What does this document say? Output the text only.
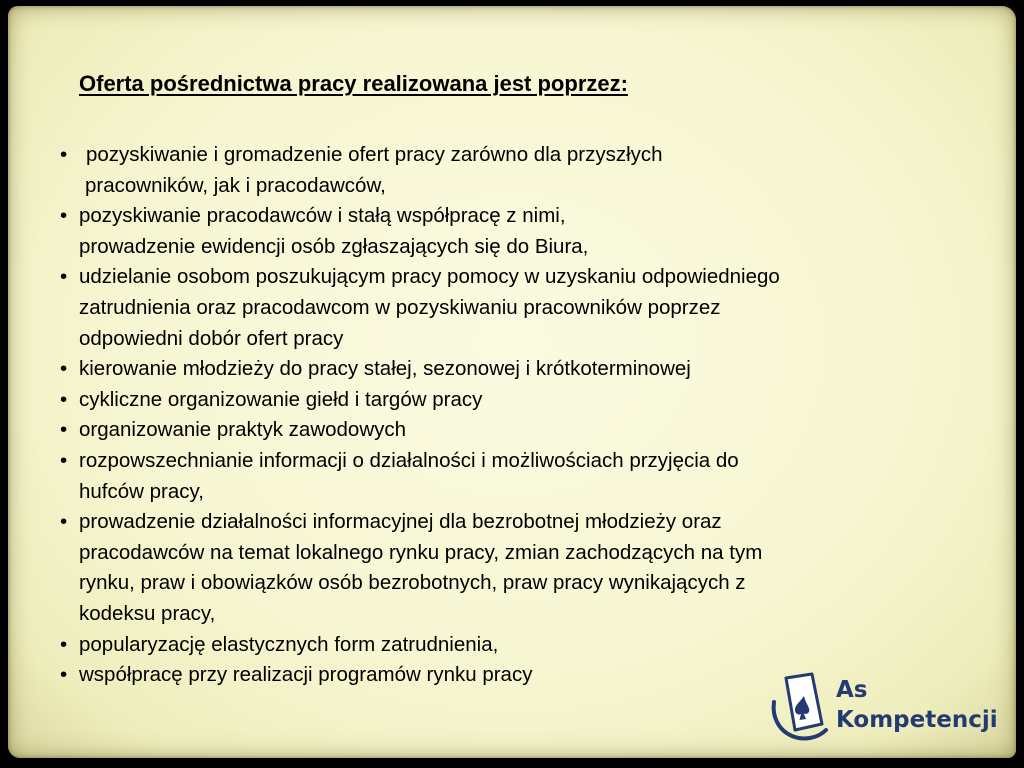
Oferta pośrednictwa pracy realizowana jest poprzez:
• pozyskiwanie i gromadzenie ofert pracy zarówno dla przyszłych
pracowników, jak i pracodawców,
• pozyskiwanie pracodawców i stałą współpracę z nimi,
prowadzenie ewidencji osób zgłaszających się do Biura,
• udzielanie osobom poszukującym pracy pomocy w uzyskaniu odpowiedniego
zatrudnienia oraz pracodawcom w pozyskiwaniu pracowników poprzez
odpowiedni dobór ofert pracy
• kierowanie młodzieży do pracy stałej, sezonowej i krótkoterminowej
• cykliczne organizowanie giełd i targów pracy
• organizowanie praktyk zawodowych
• rozpowszechnianie informacji o działalności i możliwościach przyjęcia do
hufców pracy,
• prowadzenie działalności informacyjnej dla bezrobotnej młodzieży oraz
pracodawców na temat lokalnego rynku pracy, zmian zachodzących na tym
rynku, praw i obowiązków osób bezrobotnych, praw pracy wynikających z
kodeksu pracy,
• popularyzację elastycznych form zatrudnienia,
• współpracę przy realizacji programów rynku pracy
As
Kompetencji
